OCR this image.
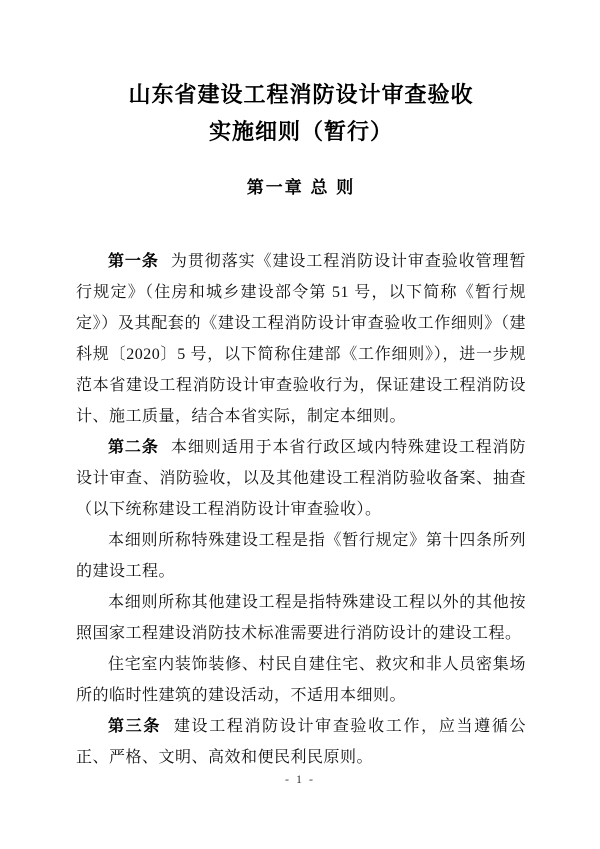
山东省建设工程消防设计审查验收
实施细则（暂行）
第一章 总 则

第一条 为贯彻落实《建设工程消防设计审查验收管理暂行规定》（住房和城乡建设部令第 51 号，以下简称《暂行规定》）及其配套的《建设工程消防设计审查验收工作细则》（建科规〔2020〕5 号，以下简称住建部《工作细则》），进一步规范本省建设工程消防设计审查验收行为，保证建设工程消防设计、施工质量，结合本省实际，制定本细则。

第二条 本细则适用于本省行政区域内特殊建设工程消防设计审查、消防验收，以及其他建设工程消防验收备案、抽查（以下统称建设工程消防设计审查验收）。

本细则所称特殊建设工程是指《暂行规定》第十四条所列的建设工程。

本细则所称其他建设工程是指特殊建设工程以外的其他按照国家工程建设消防技术标准需要进行消防设计的建设工程。

住宅室内装饰装修、村民自建住宅、救灾和非人员密集场所的临时性建筑的建设活动，不适用本细则。

第三条 建设工程消防设计审查验收工作，应当遵循公正、严格、文明、高效和便民利民原则。

- 1 -
